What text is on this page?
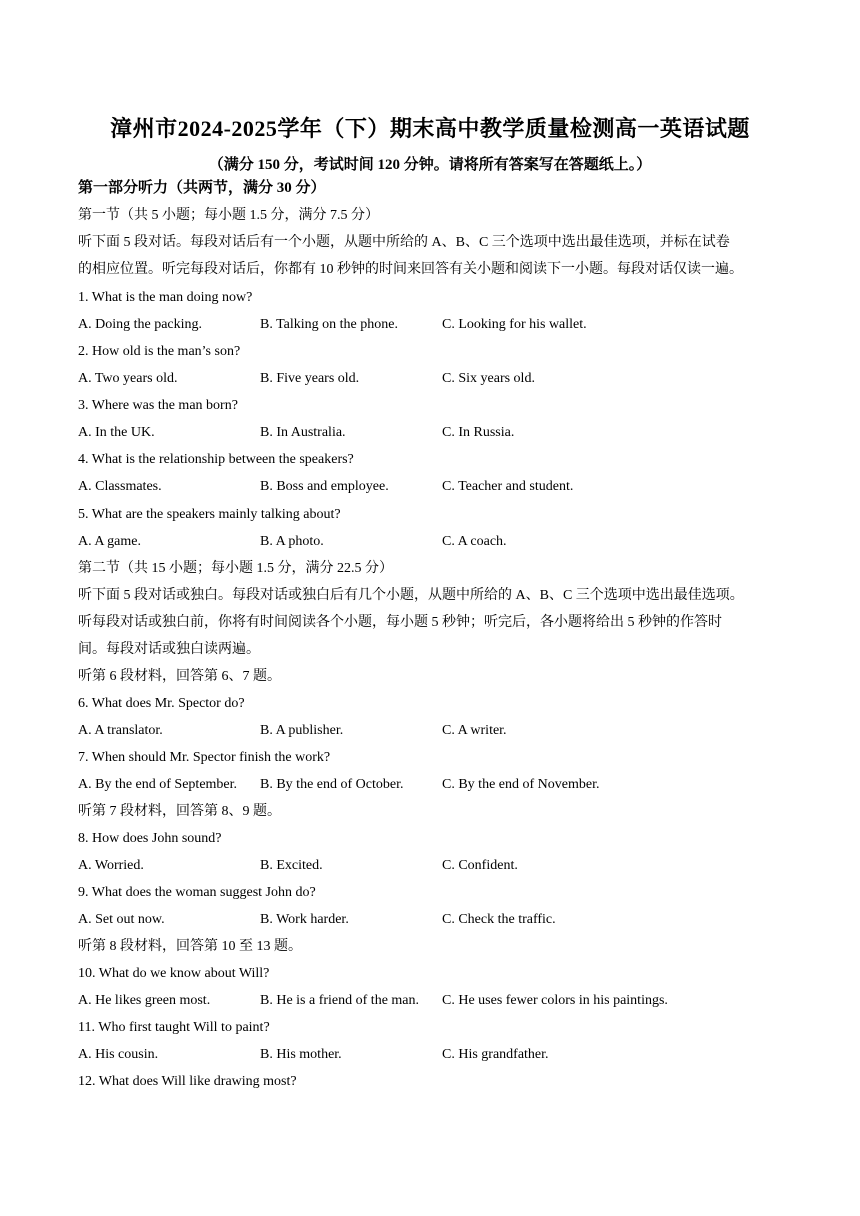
漳州市2024-2025学年（下）期末高中教学质量检测高一英语试题
（满分 150 分，考试时间 120 分钟。请将所有答案写在答题纸上。）
第一部分听力（共两节，满分 30 分）
第一节（共 5 小题；每小题 1.5 分，满分 7.5 分）
听下面 5 段对话。每段对话后有一个小题，从题中所给的 A、B、C 三个选项中选出最佳选项，并标在试卷
的相应位置。听完每段对话后，你都有 10 秒钟的时间来回答有关小题和阅读下一小题。每段对话仅读一遍。
1. What is the man doing now?
A. Doing the packing.	B. Talking on the phone.	C. Looking for his wallet.
2. How old is the man’s son?
A. Two years old.	B. Five years old.	C. Six years old.
3. Where was the man born?
A. In the UK.	B. In Australia.	C. In Russia.
4. What is the relationship between the speakers?
A. Classmates.	B. Boss and employee.	C. Teacher and student.
5. What are the speakers mainly talking about?
A. A game.	B. A photo.	C. A coach.
第二节（共 15 小题；每小题 1.5 分，满分 22.5 分）
听下面 5 段对话或独白。每段对话或独白后有几个小题，从题中所给的 A、B、C 三个选项中选出最佳选项。
听每段对话或独白前，你将有时间阅读各个小题，每小题 5 秒钟；听完后，各小题将给出 5 秒钟的作答时
间。每段对话或独白读两遍。
听第 6 段材料，回答第 6、7 题。
6. What does Mr. Spector do?
A. A translator.	B. A publisher.	C. A writer.
7. When should Mr. Spector finish the work?
A. By the end of September. B. By the end of October.	C. By the end of November.
听第 7 段材料，回答第 8、9 题。
8. How does John sound?
A. Worried.	B. Excited.	C. Confident.
9. What does the woman suggest John do?
A. Set out now.	B. Work harder.	C. Check the traffic.
听第 8 段材料，回答第 10 至 13 题。
10. What do we know about Will?
A. He likes green most.	B. He is a friend of the man. C. He uses fewer colors in his paintings.
11. Who first taught Will to paint?
A. His cousin.	B. His mother.	C. His grandfather.
12. What does Will like drawing most?
